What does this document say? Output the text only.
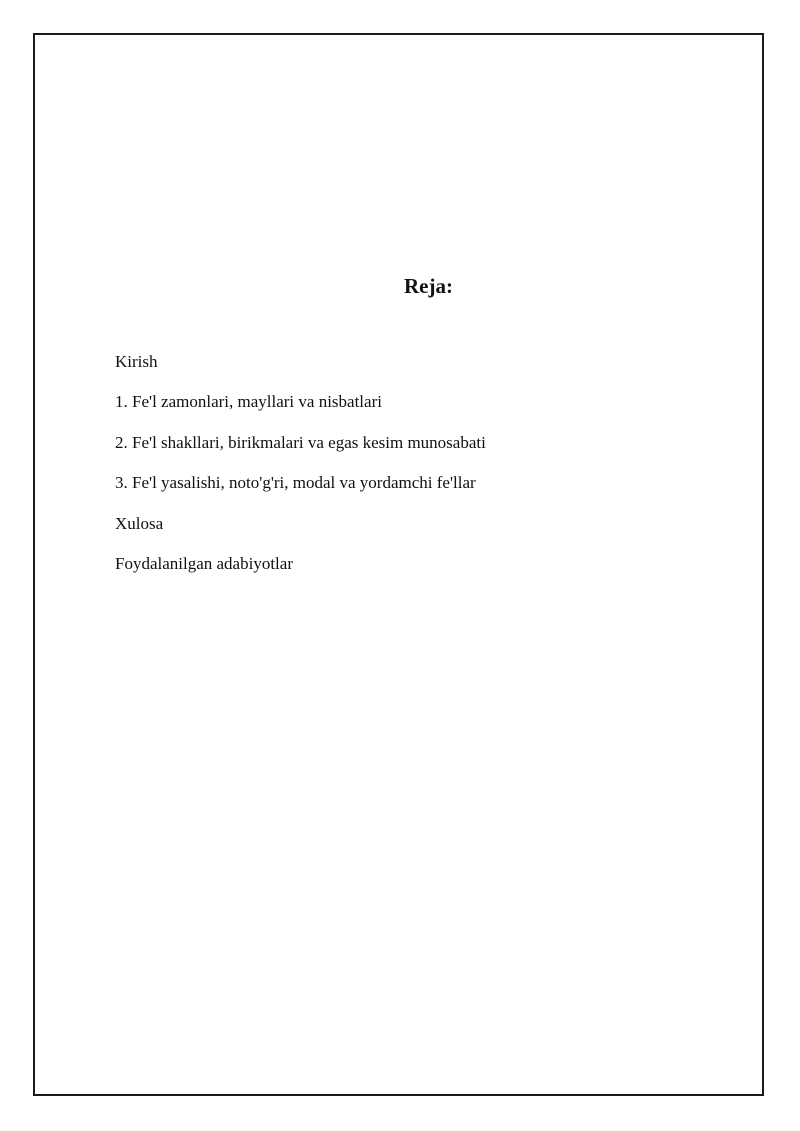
Reja:
Kirish
1. Fe'l zamonlari, mayllari va nisbatlari
2. Fe'l shakllari, birikmalari va egas kesim munosabati
3. Fe'l yasalishi, noto'g'ri, modal va yordamchi fe'llar
Xulosa
Foydalanilgan adabiyotlar
